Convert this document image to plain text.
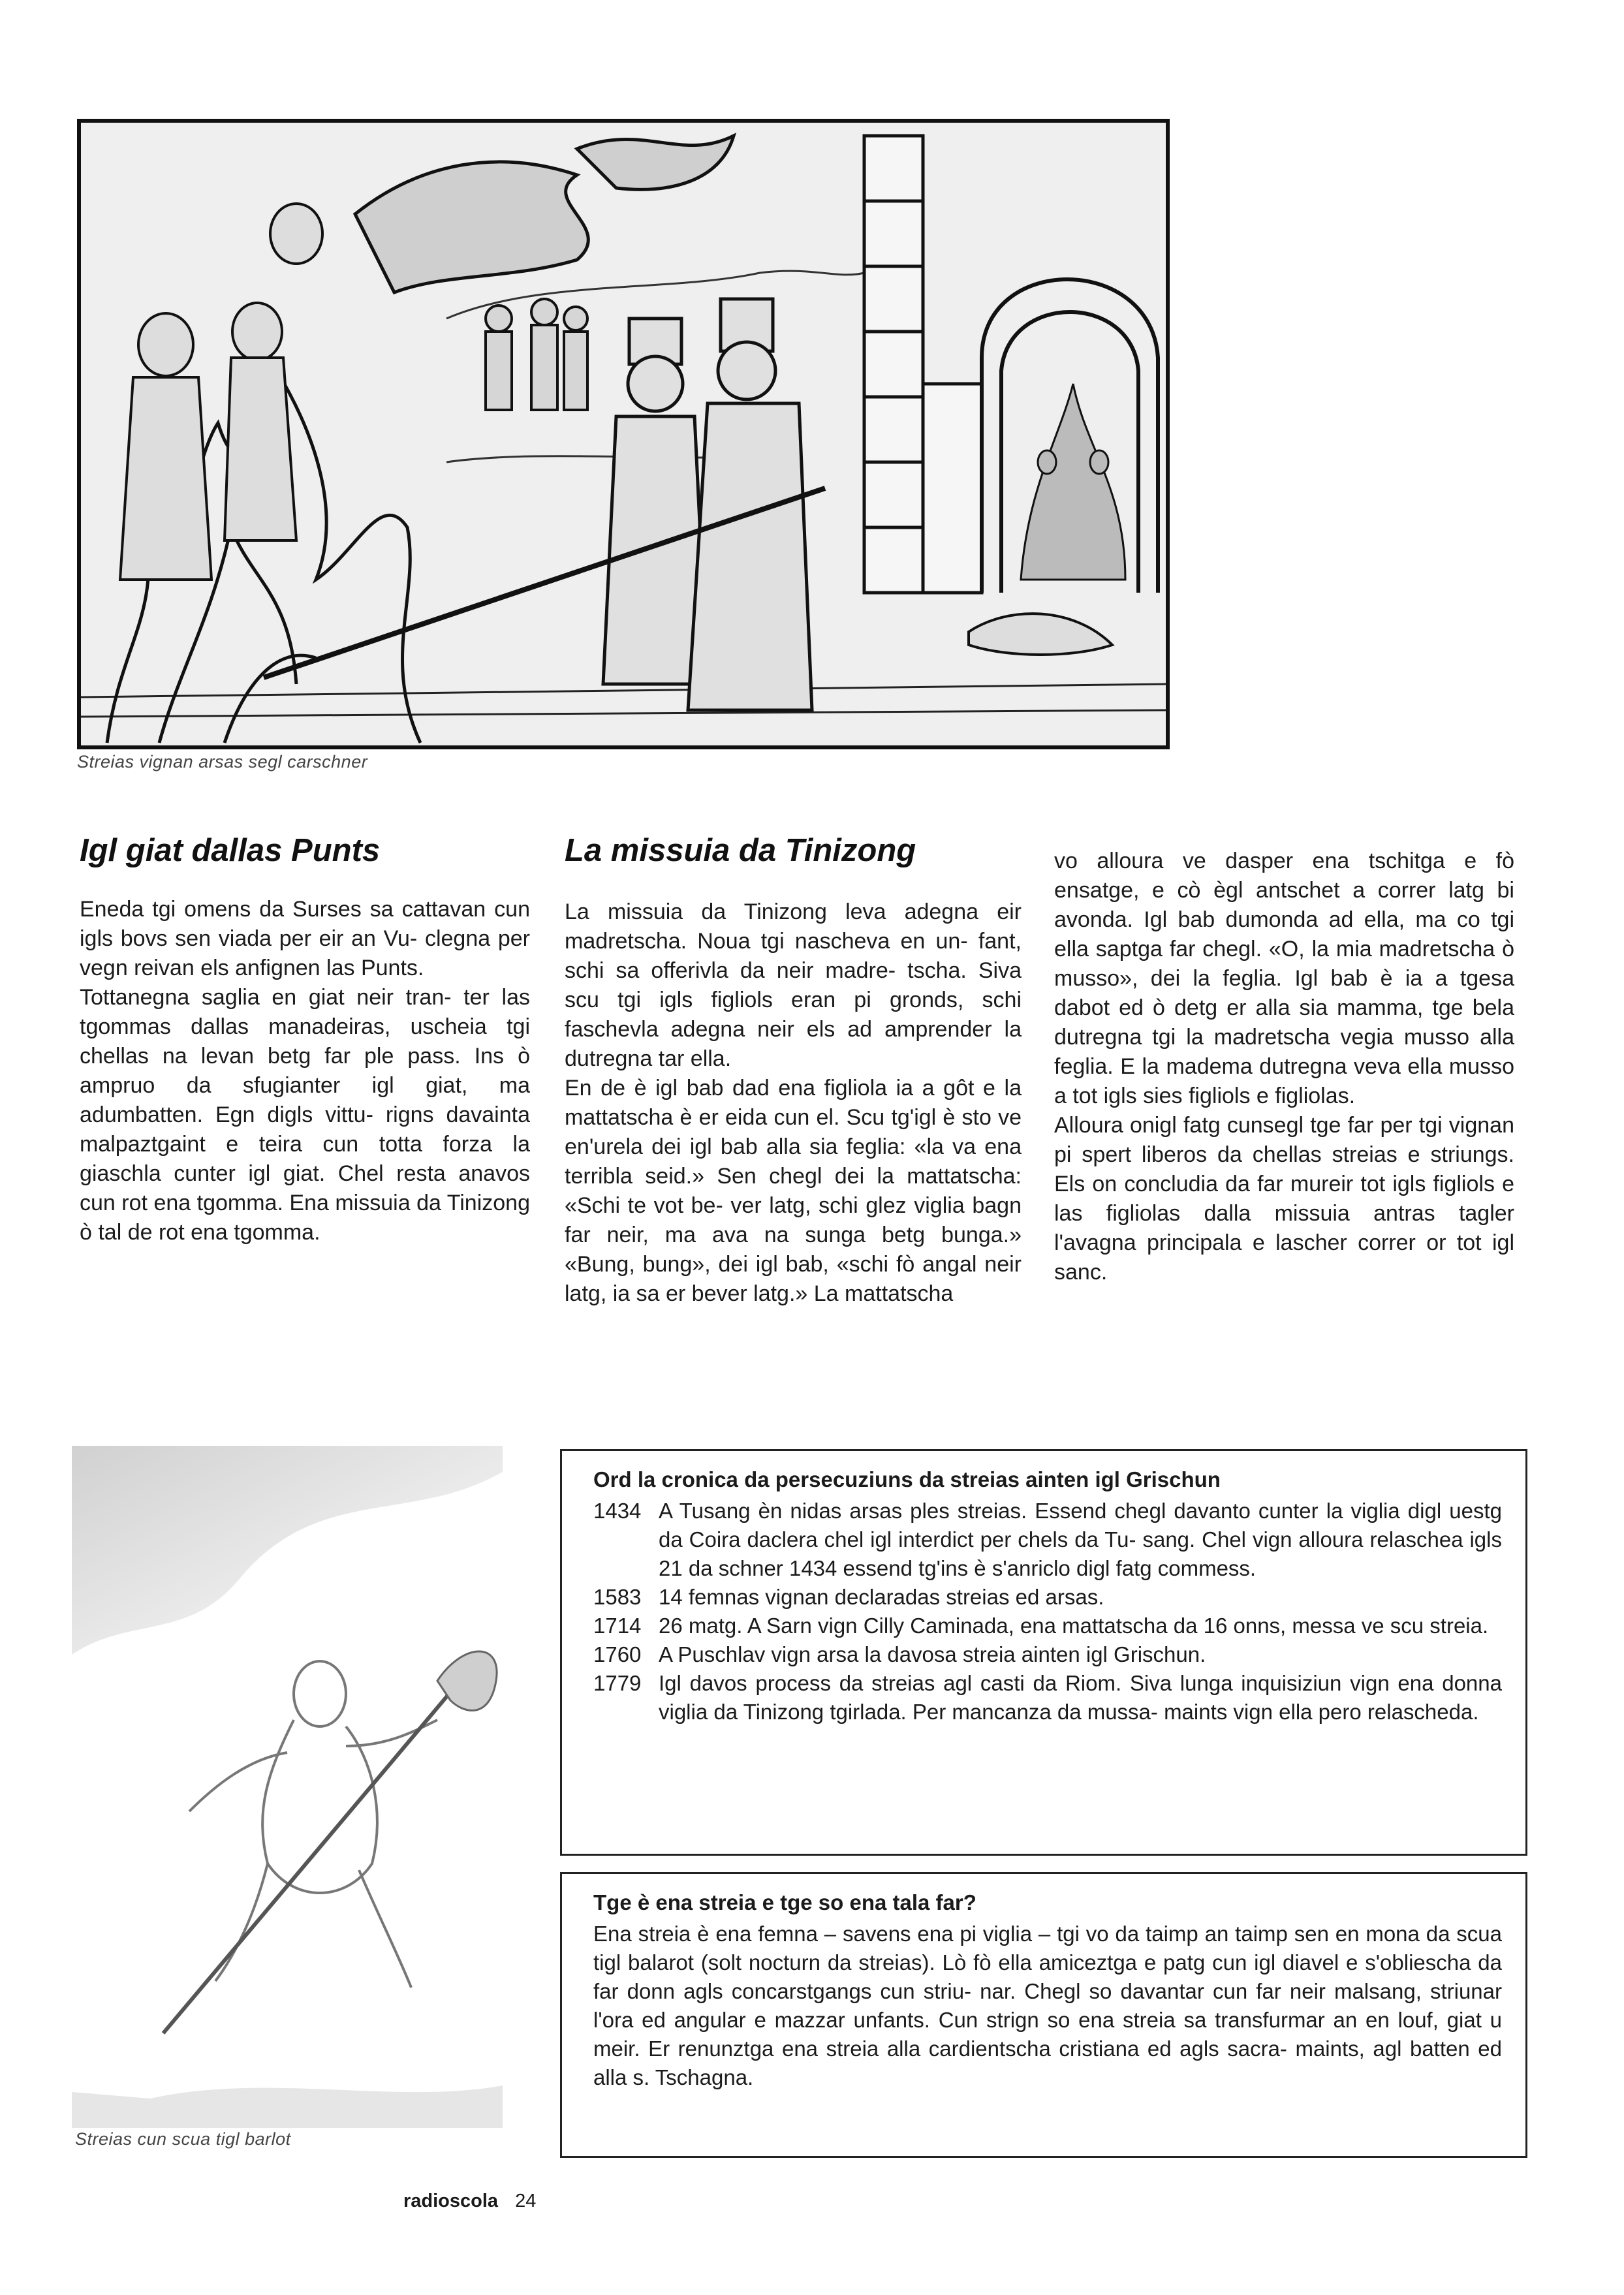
Streias vignan arsas segl carschner
Igl giat dallas Punts

Eneda tgi omens da Surses sa cattavan cun igls bovs sen viada per eir an Vu- clegna per vegn reivan els anfignen las Punts.

Tottanegna saglia en giat neir tran- ter las tgommas dallas manadeiras, uscheia tgi chellas na levan betg far ple pass. Ins ò ampruo da sfugianter igl giat, ma adumbatten. Egn digls vittu- rigns davainta malpaztgaint e teira cun totta forza la giaschla cunter igl giat. Chel resta anavos cun rot ena tgomma. Ena missuia da Tinizong ò tal de rot ena tgomma.

La missuia da Tinizong

La missuia da Tinizong leva adegna eir madretscha. Noua tgi nascheva en un- fant, schi sa offerivla da neir madre- tscha. Siva scu tgi igls figliols eran pi gronds, schi faschevla adegna neir els ad amprender la dutregna tar ella.

En de è igl bab dad ena figliola ia a gôt e la mattatscha è er eida cun el. Scu tg'igl è sto ve en'urela dei igl bab alla sia feglia: «la va ena terribla seid.» Sen chegl dei la mattatscha: «Schi te vot be- ver latg, schi glez viglia bagn far neir, ma ava na sunga betg bunga.» «Bung, bung», dei igl bab, «schi fò angal neir latg, ia sa er bever latg.» La mattatscha

vo alloura ve dasper ena tschitga e fò ensatge, e cò ègl antschet a correr latg bi avonda. Igl bab dumonda ad ella, ma co tgi ella saptga far chegl. «O, la mia madretscha ò musso», dei la feglia. Igl bab è ia a tgesa dabot ed ò detg er alla sia mamma, tge bela dutregna tgi la madretscha vegia musso alla feglia. E la madema dutregna veva ella musso a tot igls sies figliols e figliolas.

Alloura onigl fatg cunsegl tge far per tgi vignan pi spert liberos da chellas streias e striungs. Els on concludia da far mureir tot igls figliols e las figliolas dalla missuia antras tagler l'avagna principala e lascher correr or tot igl sanc.

Streias cun scua tigl barlot
Ord la cronica da persecuziuns da streias ainten igl Grischun
1434 A Tusang èn nidas arsas ples streias. Essend chegl davanto cunter la viglia digl uestg da Coira daclera chel igl interdict per chels da Tu- sang. Chel vign alloura relaschea igls 21 da schner 1434 essend tg'ins è s'anriclo digl fatg commess.
1583 14 femnas vignan declaradas streias ed arsas.
1714 26 matg. A Sarn vign Cilly Caminada, ena mattatscha da 16 onns, messa ve scu streia.
1760 A Puschlav vign arsa la davosa streia ainten igl Grischun.
1779 Igl davos process da streias agl casti da Riom. Siva lunga inquisiziun vign ena donna viglia da Tinizong tgirlada. Per mancanza da mussa- maints vign ella pero relascheda.
Tge è ena streia e tge so ena tala far?

Ena streia è ena femna – savens ena pi viglia – tgi vo da taimp an taimp sen en mona da scua tigl balarot (solt nocturn da streias). Lò fò ella amiceztga e patg cun igl diavel e s'obliescha da far donn agls concarstgangs cun striu- nar. Chegl so davantar cun far neir malsang, striunar l'ora ed angular e mazzar unfants. Cun strign so ena streia sa transfurmar an en louf, giat u meir. Er renunztga ena streia alla cardientscha cristiana ed agls sacra- maints, agl batten ed alla s. Tschagna.

radioscola 24
